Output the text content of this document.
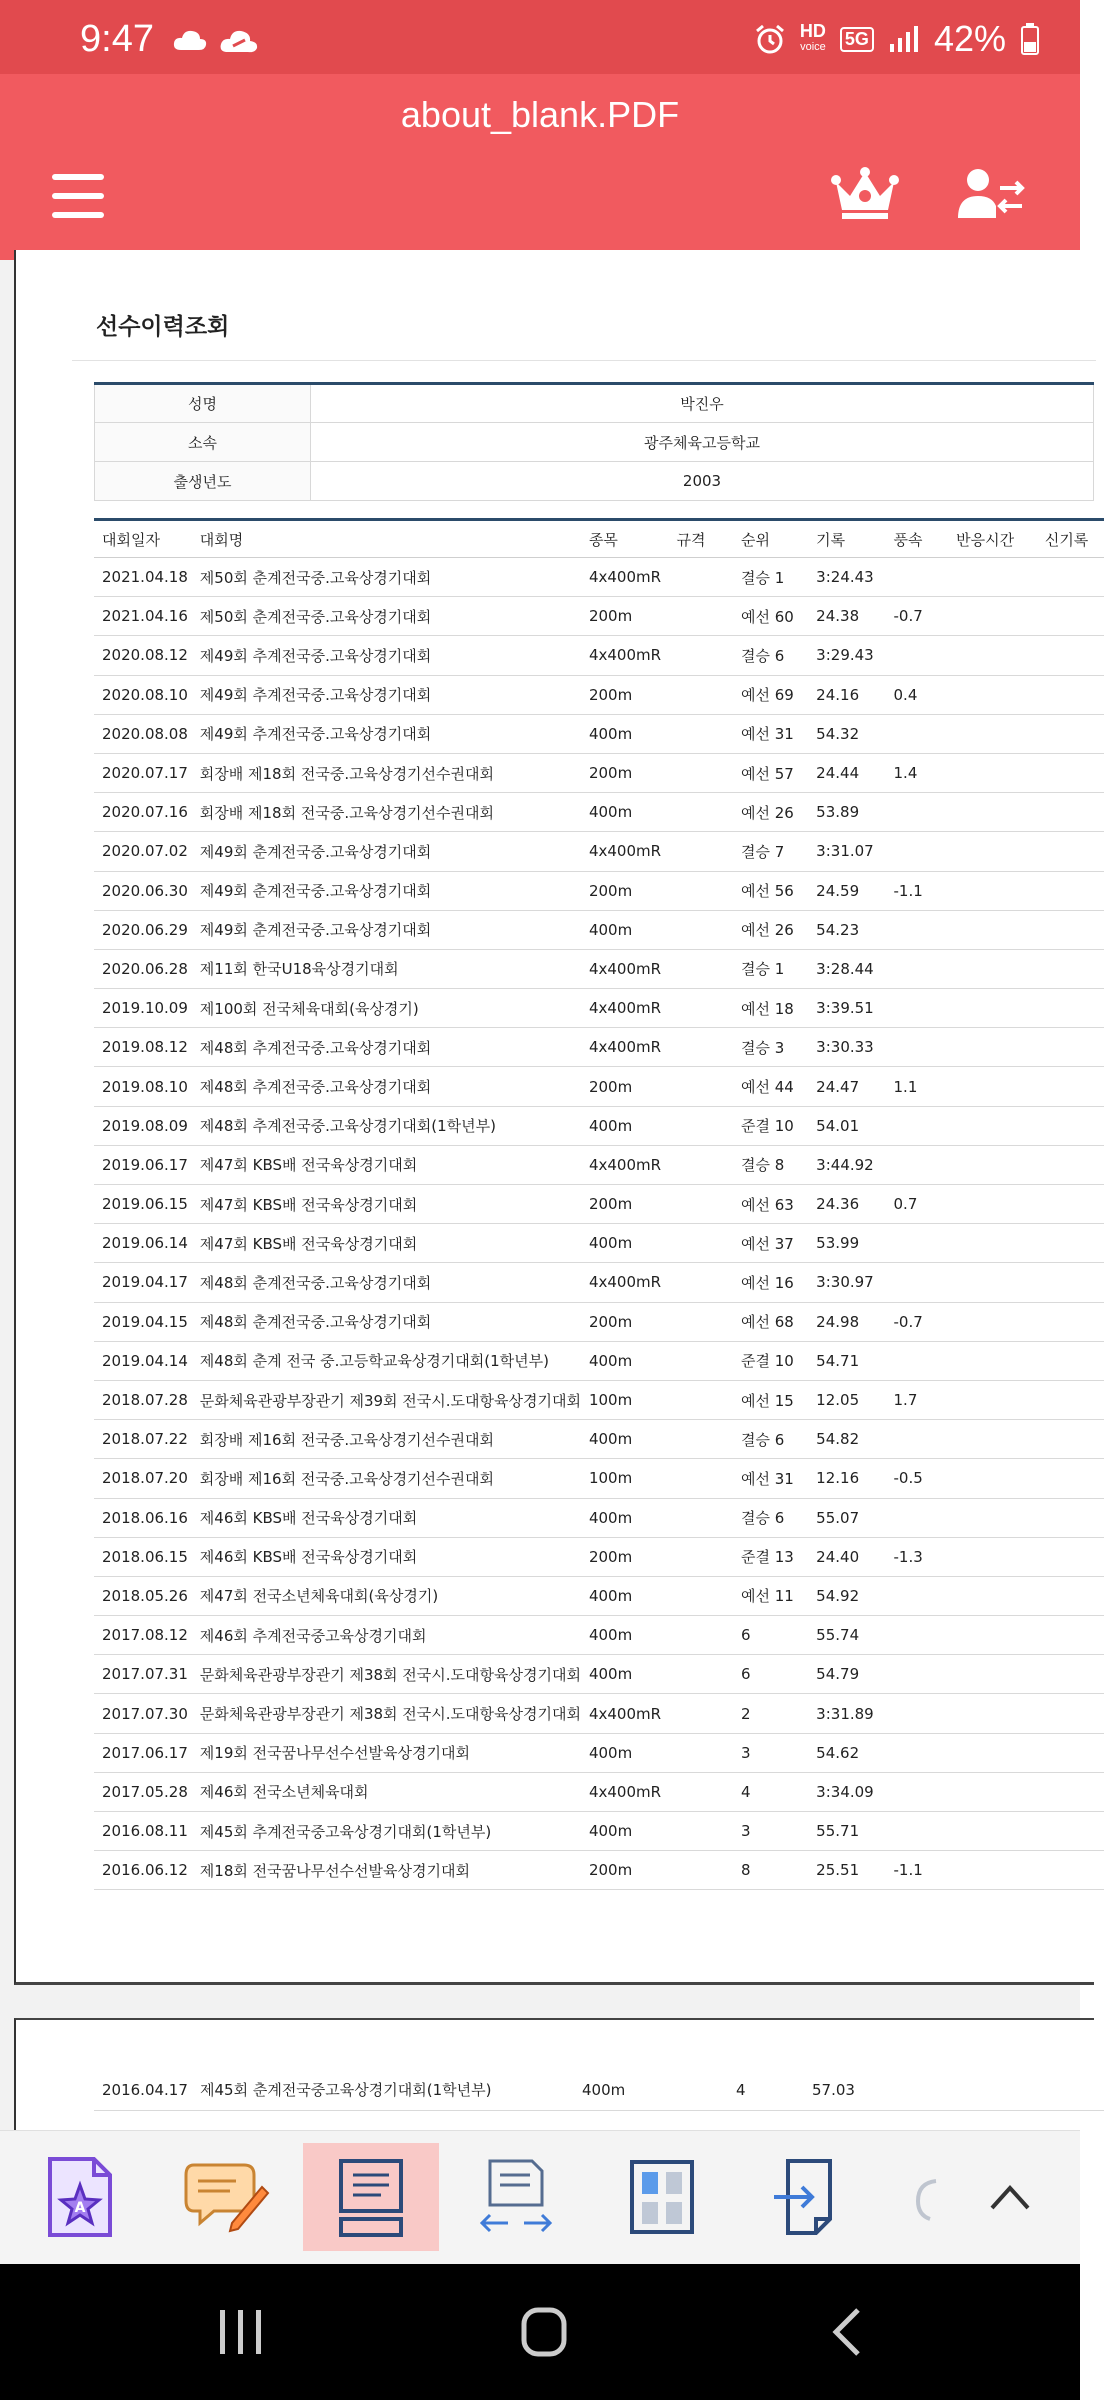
9:47	HD
voice 5G 42%
about_blank.PDF
선수이력조회
성명	박진우
소속	광주체육고등학교
출생년도	2003
대회일자	대회명	종목	규격	순위	기록	풍속	반응시간	신기록
2021.04.18	제50회 춘계전국중.고육상경기대회	4x400mR		결승 1	3:24.43			
2021.04.16	제50회 춘계전국중.고육상경기대회	200m		예선 60	24.38	-0.7		
2020.08.12	제49회 추계전국중.고육상경기대회	4x400mR		결승 6	3:29.43			
2020.08.10	제49회 추계전국중.고육상경기대회	200m		예선 69	24.16	0.4		
2020.08.08	제49회 추계전국중.고육상경기대회	400m		예선 31	54.32			
2020.07.17	회장배 제18회 전국중.고육상경기선수권대회	200m		예선 57	24.44	1.4		
2020.07.16	회장배 제18회 전국중.고육상경기선수권대회	400m		예선 26	53.89			
2020.07.02	제49회 춘계전국중.고육상경기대회	4x400mR		결승 7	3:31.07			
2020.06.30	제49회 춘계전국중.고육상경기대회	200m		예선 56	24.59	-1.1		
2020.06.29	제49회 춘계전국중.고육상경기대회	400m		예선 26	54.23			
2020.06.28	제11회 한국U18육상경기대회	4x400mR		결승 1	3:28.44			
2019.10.09	제100회 전국체육대회(육상경기)	4x400mR		예선 18	3:39.51			
2019.08.12	제48회 추계전국중.고육상경기대회	4x400mR		결승 3	3:30.33			
2019.08.10	제48회 추계전국중.고육상경기대회	200m		예선 44	24.47	1.1		
2019.08.09	제48회 추계전국중.고육상경기대회(1학년부)	400m		준결 10	54.01			
2019.06.17	제47회 KBS배 전국육상경기대회	4x400mR		결승 8	3:44.92			
2019.06.15	제47회 KBS배 전국육상경기대회	200m		예선 63	24.36	0.7		
2019.06.14	제47회 KBS배 전국육상경기대회	400m		예선 37	53.99			
2019.04.17	제48회 춘계전국중.고육상경기대회	4x400mR		예선 16	3:30.97			
2019.04.15	제48회 춘계전국중.고육상경기대회	200m		예선 68	24.98	-0.7		
2019.04.14	제48회 춘계 전국 중.고등학교육상경기대회(1학년부)	400m		준결 10	54.71			
2018.07.28	문화체육관광부장관기 제39회 전국시.도대항육상경기대회	100m		예선 15	12.05	1.7		
2018.07.22	회장배 제16회 전국중.고육상경기선수권대회	400m		결승 6	54.82			
2018.07.20	회장배 제16회 전국중.고육상경기선수권대회	100m		예선 31	12.16	-0.5		
2018.06.16	제46회 KBS배 전국육상경기대회	400m		결승 6	55.07			
2018.06.15	제46회 KBS배 전국육상경기대회	200m		준결 13	24.40	-1.3		
2018.05.26	제47회 전국소년체육대회(육상경기)	400m		예선 11	54.92			
2017.08.12	제46회 추계전국중고육상경기대회	400m		6	55.74			
2017.07.31	문화체육관광부장관기 제38회 전국시.도대항육상경기대회	400m		6	54.79			
2017.07.30	문화체육관광부장관기 제38회 전국시.도대항육상경기대회	4x400mR		2	3:31.89			
2017.06.17	제19회 전국꿈나무선수선발육상경기대회	400m		3	54.62			
2017.05.28	제46회 전국소년체육대회	4x400mR		4	3:34.09			
2016.08.11	제45회 추계전국중고육상경기대회(1학년부)	400m		3	55.71			
2016.06.12	제18회 전국꿈나무선수선발육상경기대회	200m		8	25.51	-1.1		
2016.04.17	제45회 춘계전국중고육상경기대회(1학년부)	400m		4	57.03			
A
